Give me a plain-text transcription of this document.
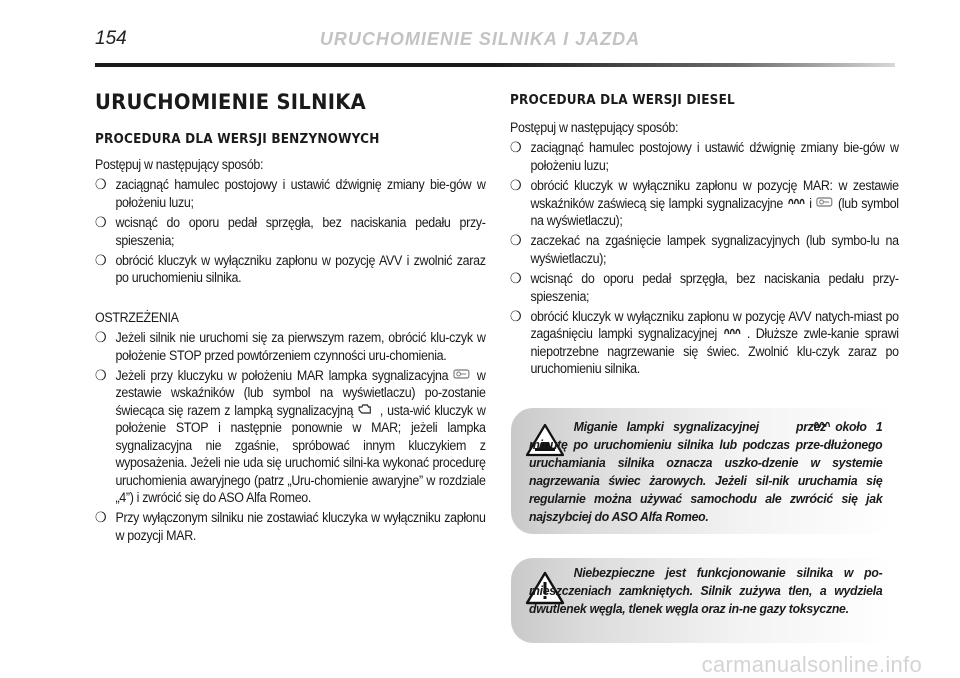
154	URUCHOMIENIE SILNIKA I JAZDA
URUCHOMIENIE SILNIKA
PROCEDURA DLA WERSJI BENZYNOWYCH

Postępuj w następujący sposób:

❍ zaciągnąć hamulec postojowy i ustawić dźwignię zmiany bie-gów w położeniu luzu;
❍ wcisnąć do oporu pedał sprzęgła, bez naciskania pedału przy-spieszenia;
❍ obrócić kluczyk w wyłączniku zapłonu w pozycję AVV i zwolnić zaraz po uruchomieniu silnika.

OSTRZEŻENIA

❍ Jeżeli silnik nie uruchomi się za pierwszym razem, obrócić klu-czyk w położenie STOP przed powtórzeniem czynności uru-chomienia.
❍ Jeżeli przy kluczyku w położeniu MAR lampka sygnalizacyjna w zestawie wskaźników (lub symbol na wyświetlaczu) po-zostanie świecąca się razem z lampką sygnalizacyjną , usta-wić kluczyk w położenie STOP i następnie ponownie w MAR; jeżeli lampka sygnalizacyjna nie zgaśnie, spróbować innym kluczykiem z wyposażenia. Jeżeli nie uda się uruchomić silni-ka wykonać procedurę uruchomienia awaryjnego (patrz „Uru-chomienie awaryjne” w rozdziale „4”) i zwrócić się do ASO Alfa Romeo.
❍ Przy wyłączonym silniku nie zostawiać kluczyka w wyłączniku zapłonu w pozycji MAR.
PROCEDURA DLA WERSJI DIESEL

Postępuj w następujący sposób:

❍ zaciągnąć hamulec postojowy i ustawić dźwignię zmiany bie-gów w położeniu luzu;
❍ obrócić kluczyk w wyłączniku zapłonu w pozycję MAR: w zestawie wskaźników zaświecą się lampki sygnalizacyjne i (lub symbol na wyświetlaczu);
❍ zaczekać na zgaśnięcie lampek sygnalizacyjnych (lub symbo-lu na wyświetlaczu);
❍ wcisnąć do oporu pedał sprzęgła, bez naciskania pedału przy-spieszenia;
❍ obrócić kluczyk w wyłączniku zapłonu w pozycję AVV natych-miast po zagaśnięciu lampki sygnalizacyjnej . Dłuższe zwle-kanie sprawi niepotrzebne nagrzewanie się świec. Zwolnić klu-czyk zaraz po uruchomieniu silnika.
Miganie lampki sygnalizacyjnej	przez około 1 minutę po uruchomieniu silnika lub podczas prze-dłużonego uruchamiania silnika oznacza uszko-dzenie w systemie nagrzewania świec żarowych. Jeżeli sil-nik uruchamia się regularnie można używać samochodu ale zwrócić się jak najszybciej do ASO Alfa Romeo.
Niebezpieczne jest funkcjonowanie silnika w po-mieszczeniach zamkniętych. Silnik zużywa tlen, a wydziela dwutlenek węgla, tlenek węgla oraz in-ne gazy toksyczne.
carmanualsonline.info
